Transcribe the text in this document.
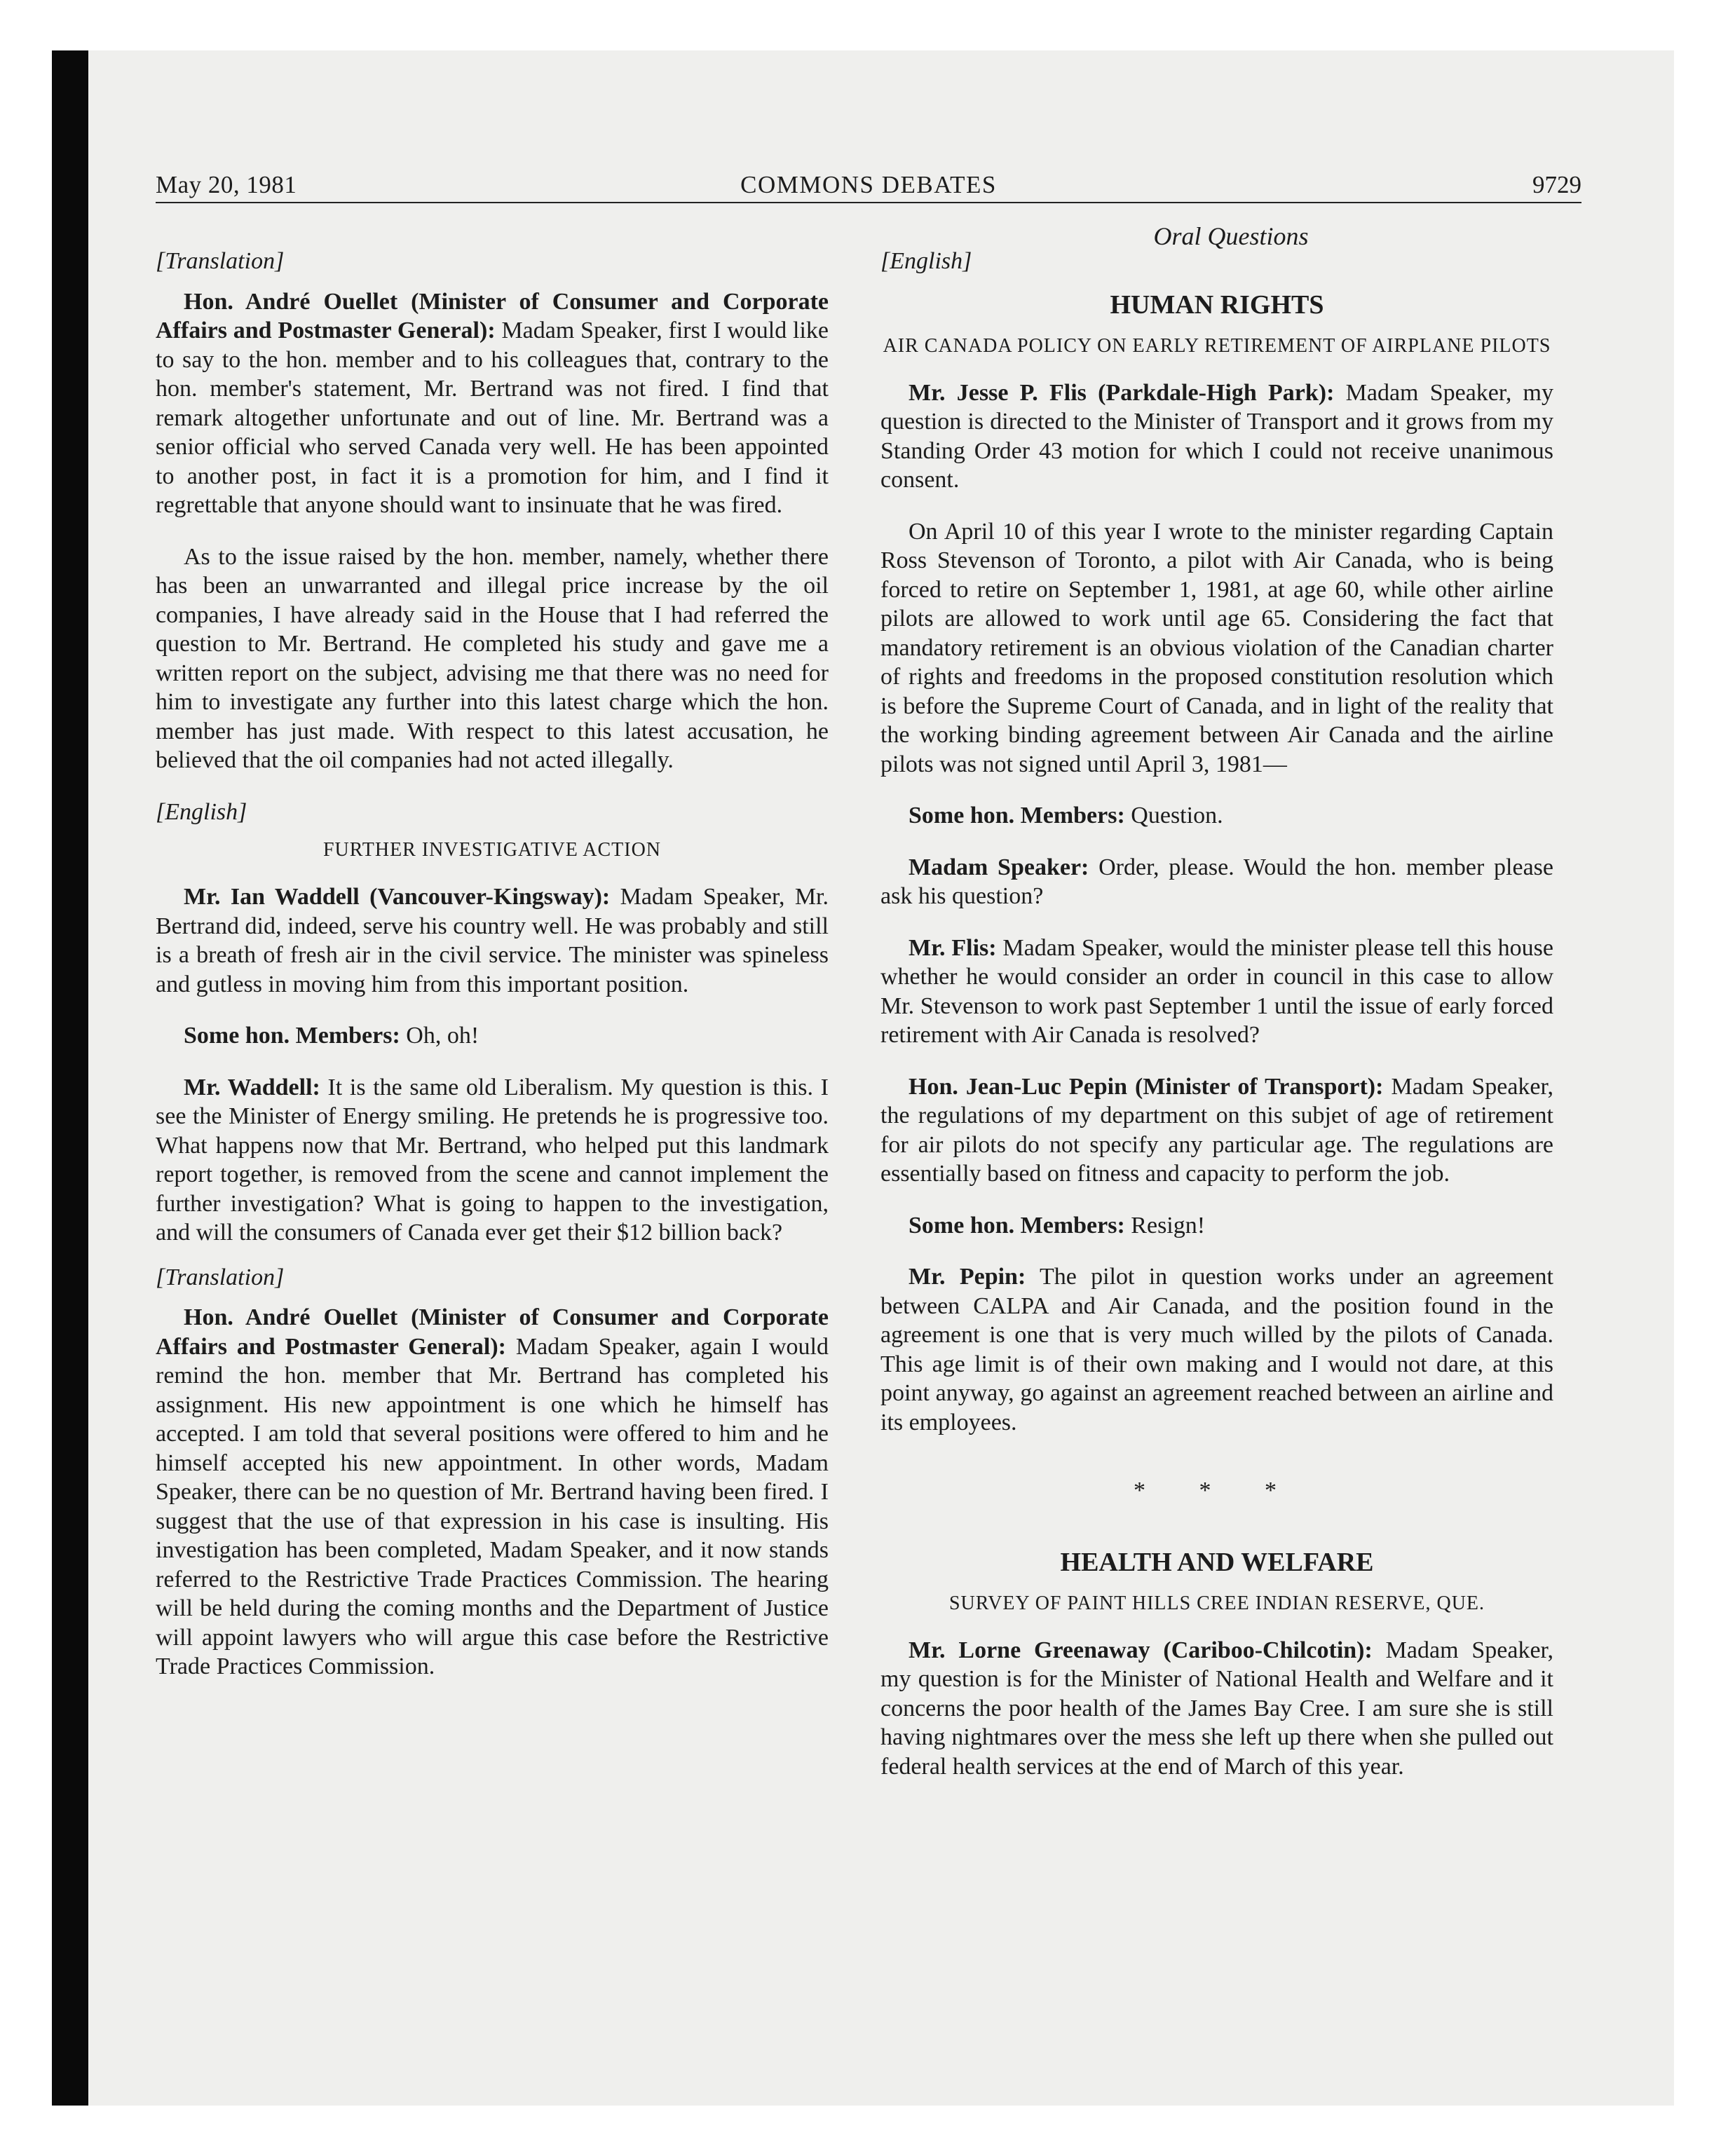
May 20, 1981	COMMONS DEBATES	9729
Oral Questions

[Translation]

Hon. André Ouellet (Minister of Consumer and Corporate Affairs and Postmaster General): Madam Speaker, first I would like to say to the hon. member and to his colleagues that, contrary to the hon. member's statement, Mr. Bertrand was not fired. I find that remark altogether unfortunate and out of line. Mr. Bertrand was a senior official who served Canada very well. He has been appointed to another post, in fact it is a promotion for him, and I find it regrettable that anyone should want to insinuate that he was fired.

As to the issue raised by the hon. member, namely, whether there has been an unwarranted and illegal price increase by the oil companies, I have already said in the House that I had referred the question to Mr. Bertrand. He completed his study and gave me a written report on the subject, advising me that there was no need for him to investigate any further into this latest charge which the hon. member has just made. With respect to this latest accusation, he believed that the oil companies had not acted illegally.

[English]

FURTHER INVESTIGATIVE ACTION

Mr. Ian Waddell (Vancouver-Kingsway): Madam Speaker, Mr. Bertrand did, indeed, serve his country well. He was probably and still is a breath of fresh air in the civil service. The minister was spineless and gutless in moving him from this important position.

Some hon. Members: Oh, oh!

Mr. Waddell: It is the same old Liberalism. My question is this. I see the Minister of Energy smiling. He pretends he is progressive too. What happens now that Mr. Bertrand, who helped put this landmark report together, is removed from the scene and cannot implement the further investigation? What is going to happen to the investigation, and will the consumers of Canada ever get their $12 billion back?

[Translation]

Hon. André Ouellet (Minister of Consumer and Corporate Affairs and Postmaster General): Madam Speaker, again I would remind the hon. member that Mr. Bertrand has completed his assignment. His new appointment is one which he himself has accepted. I am told that several positions were offered to him and he himself accepted his new appointment. In other words, Madam Speaker, there can be no question of Mr. Bertrand having been fired. I suggest that the use of that expression in his case is insulting. His investigation has been completed, Madam Speaker, and it now stands referred to the Restrictive Trade Practices Commission. The hearing will be held during the coming months and the Department of Justice will appoint lawyers who will argue this case before the Restrictive Trade Practices Commission.

[English]

HUMAN RIGHTS

AIR CANADA POLICY ON EARLY RETIREMENT OF AIRPLANE PILOTS

Mr. Jesse P. Flis (Parkdale-High Park): Madam Speaker, my question is directed to the Minister of Transport and it grows from my Standing Order 43 motion for which I could not receive unanimous consent.

On April 10 of this year I wrote to the minister regarding Captain Ross Stevenson of Toronto, a pilot with Air Canada, who is being forced to retire on September 1, 1981, at age 60, while other airline pilots are allowed to work until age 65. Considering the fact that mandatory retirement is an obvious violation of the Canadian charter of rights and freedoms in the proposed constitution resolution which is before the Supreme Court of Canada, and in light of the reality that the working binding agreement between Air Canada and the airline pilots was not signed until April 3, 1981—

Some hon. Members: Question.

Madam Speaker: Order, please. Would the hon. member please ask his question?

Mr. Flis: Madam Speaker, would the minister please tell this house whether he would consider an order in council in this case to allow Mr. Stevenson to work past September 1 until the issue of early forced retirement with Air Canada is resolved?

Hon. Jean-Luc Pepin (Minister of Transport): Madam Speaker, the regulations of my department on this subjet of age of retirement for air pilots do not specify any particular age. The regulations are essentially based on fitness and capacity to perform the job.

Some hon. Members: Resign!

Mr. Pepin: The pilot in question works under an agreement between CALPA and Air Canada, and the position found in the agreement is one that is very much willed by the pilots of Canada. This age limit is of their own making and I would not dare, at this point anyway, go against an agreement reached between an airline and its employees.

* * *

HEALTH AND WELFARE

SURVEY OF PAINT HILLS CREE INDIAN RESERVE, QUE.

Mr. Lorne Greenaway (Cariboo-Chilcotin): Madam Speaker, my question is for the Minister of National Health and Welfare and it concerns the poor health of the James Bay Cree. I am sure she is still having nightmares over the mess she left up there when she pulled out federal health services at the end of March of this year.
